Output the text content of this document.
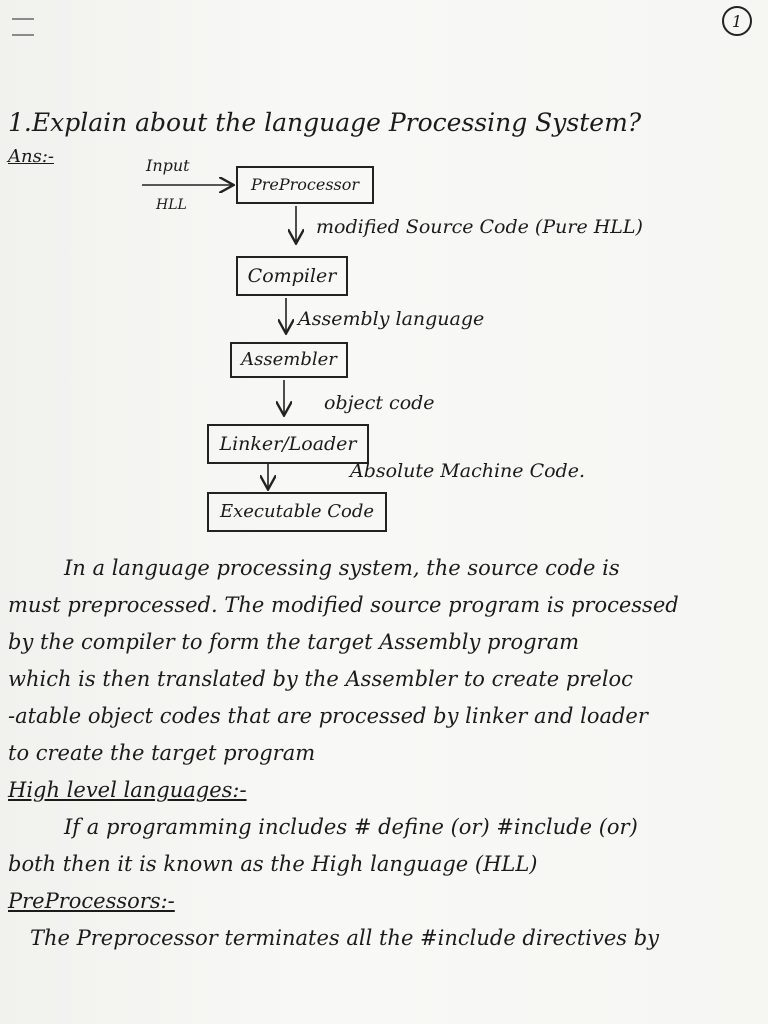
1
1.Explain about the language Processing System?
Ans:-	Input
HLL
PreProcessor
modified Source Code (Pure HLL)
Compiler
Assembly language
Assembler
object code
Linker/Loader
Absolute Machine Code.
Executable Code

In a language processing system, the source code is

must preprocessed. The modified source program is processed

by the compiler to form the target Assembly program

which is then translated by the Assembler to create preloc

-atable object codes that are processed by linker and loader

to create the target program

High level languages:-

If a programming includes # define (or) #include (or)

both then it is known as the High language (HLL)

PreProcessors:-

The Preprocessor terminates all the #include directives by
